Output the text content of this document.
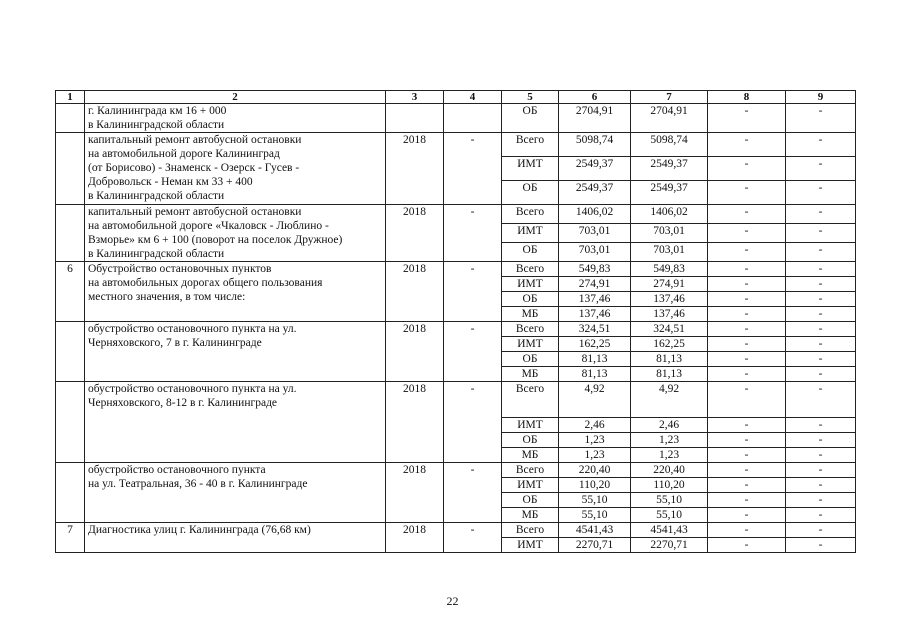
1	2	3	4	5	6	7	8	9

	г. Калининграда км 16 + 000
в Калининградской области			ОБ	2704,91	2704,91	-	-

	капитальный ремонт автобусной остановки
на автомобильной дороге Калининград
(от Борисово) - Знаменск - Озерск - Гусев -
Добровольск - Неман км 33 + 400
в Калининградской области	2018	-	Всего	5098,74	5098,74	-	-
				ИМТ	2549,37	2549,37	-	-
				ОБ	2549,37	2549,37	-	-

	капитальный ремонт автобусной остановки
на автомобильной дороге «Чкаловск - Люблино -
Взморье» км 6 + 100 (поворот на поселок Дружное)
в Калининградской области	2018	-	Всего	1406,02	1406,02	-	-
				ИМТ	703,01	703,01	-	-
				ОБ	703,01	703,01	-	-
6	Обустройство остановочных пунктов
на автомобильных дорогах общего пользования
местного значения, в том числе:	2018	-	Всего	549,83	549,83	-	-
				ИМТ	274,91	274,91	-	-
				ОБ	137,46	137,46	-	-
				МБ	137,46	137,46	-	-

	обустройство остановочного пункта на ул.
Черняховского, 7 в г. Калининграде	2018	-	Всего	324,51	324,51	-	-
				ИМТ	162,25	162,25	-	-
				ОБ	81,13	81,13	-	-
				МБ	81,13	81,13	-	-

	обустройство остановочного пункта на ул.
Черняховского, 8-12 в г. Калининграде	2018	-	Всего	4,92	4,92	-	-
				ИМТ	2,46	2,46	-	-
				ОБ	1,23	1,23	-	-
				МБ	1,23	1,23	-	-

	обустройство остановочного пункта
на ул. Театральная, 36 - 40 в г. Калининграде	2018	-	Всего	220,40	220,40	-	-
				ИМТ	110,20	110,20	-	-
				ОБ	55,10	55,10	-	-
				МБ	55,10	55,10	-	-
7	Диагностика улиц г. Калининграда (76,68 км)	2018	-	Всего	4541,43	4541,43	-	-
				ИМТ	2270,71	2270,71	-	-
22
